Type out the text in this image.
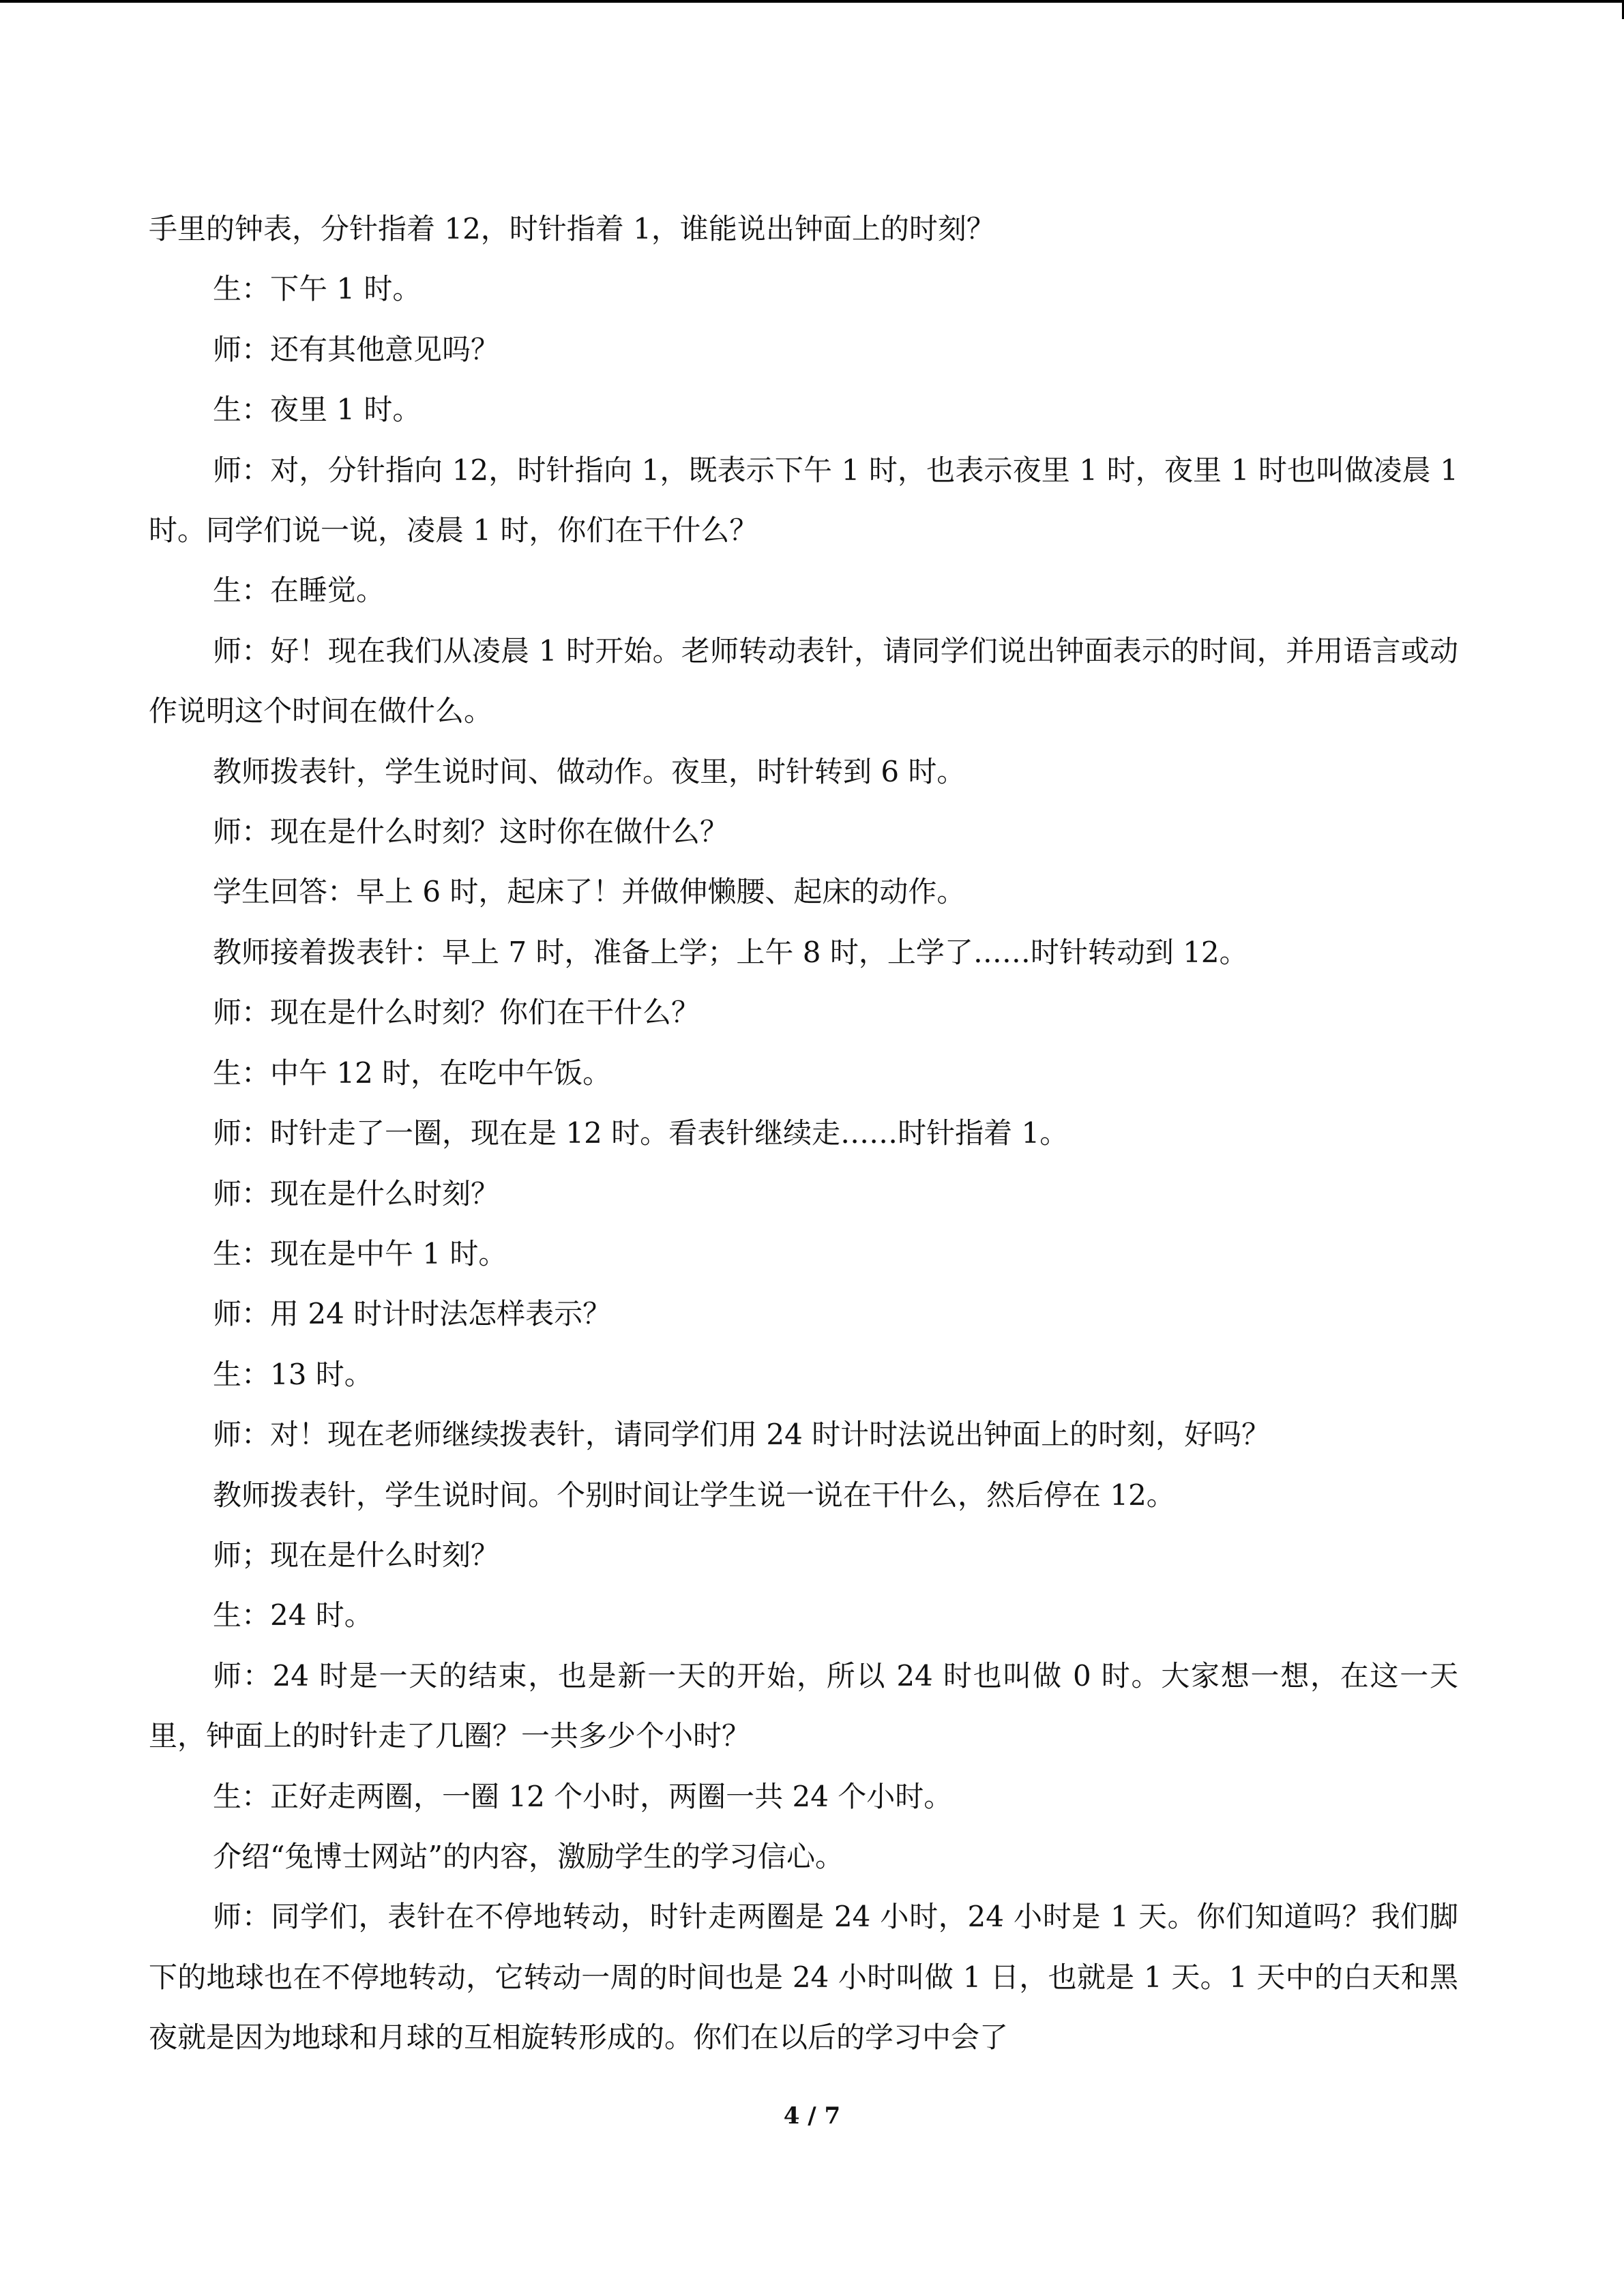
手里的钟表，分针指着 12，时针指着 1，谁能说出钟面上的时刻？

生：下午 1 时。

师：还有其他意见吗？

生：夜里 1 时。

师：对，分针指向 12，时针指向 1，既表示下午 1 时，也表示夜里 1 时，夜里 1 时也叫做凌晨 1 时。同学们说一说，凌晨 1 时，你们在干什么？

生：在睡觉。

师：好！现在我们从凌晨 1 时开始。老师转动表针，请同学们说出钟面表示的时间，并用语言或动作说明这个时间在做什么。

教师拨表针，学生说时间、做动作。夜里，时针转到 6 时。

师：现在是什么时刻？这时你在做什么？

学生回答：早上 6 时，起床了！并做伸懒腰、起床的动作。

教师接着拨表针：早上 7 时，准备上学；上午 8 时，上学了……时针转动到 12。

师：现在是什么时刻？你们在干什么？

生：中午 12 时，在吃中午饭。

师：时针走了一圈，现在是 12 时。看表针继续走……时针指着 1。

师：现在是什么时刻？

生：现在是中午 1 时。

师：用 24 时计时法怎样表示？

生：13 时。

师：对！现在老师继续拨表针，请同学们用 24 时计时法说出钟面上的时刻，好吗？

教师拨表针，学生说时间。个别时间让学生说一说在干什么，然后停在 12。

师；现在是什么时刻？

生：24 时。

师：24 时是一天的结束，也是新一天的开始，所以 24 时也叫做 0 时。大家想一想，在这一天里，钟面上的时针走了几圈？一共多少个小时？

生：正好走两圈，一圈 12 个小时，两圈一共 24 个小时。

介绍“兔博士网站”的内容，激励学生的学习信心。

师：同学们，表针在不停地转动，时针走两圈是 24 小时，24 小时是 1 天。你们知道吗？我们脚下的地球也在不停地转动，它转动一周的时间也是 24 小时叫做 1 日，也就是 1 天。1 天中的白天和黑夜就是因为地球和月球的互相旋转形成的。你们在以后的学习中会了

4 / 7
